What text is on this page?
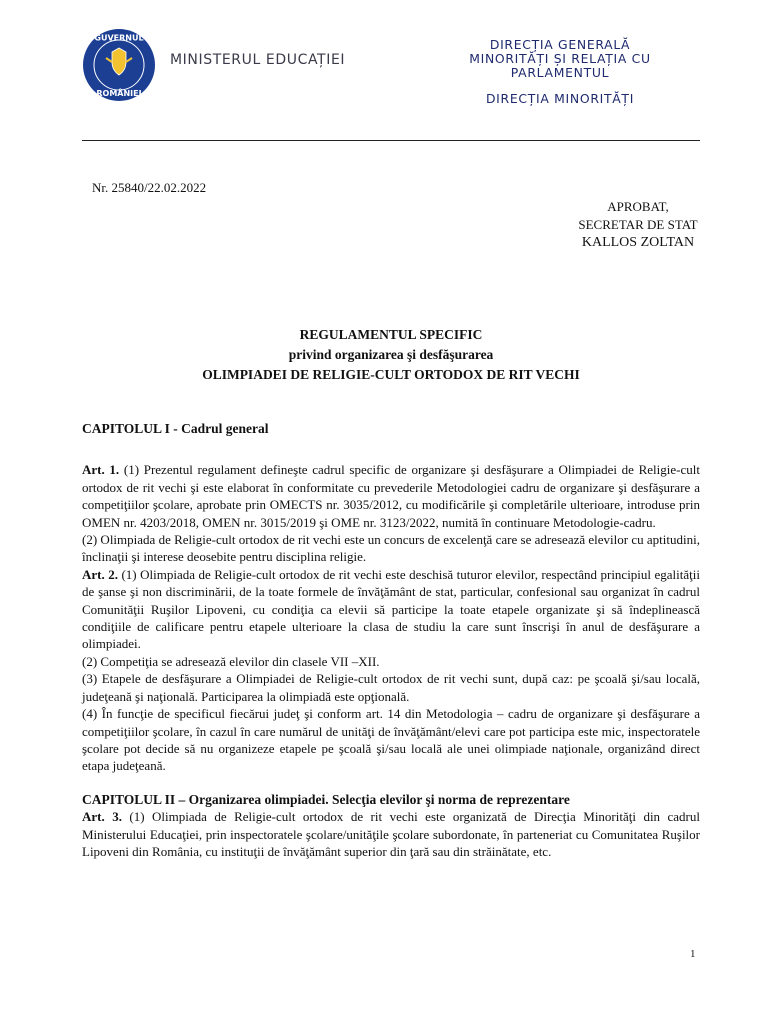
GUVERNUL
ROMÂNIEI
MINISTERUL EDUCAȚIEI
DIRECȚIA GENERALĂ
MINORITĂȚI ȘI RELAȚIA CU
PARLAMENTUL
DIRECȚIA MINORITĂȚI
Nr. 25840/22.02.2022
APROBAT,
SECRETAR DE STAT
KALLOS ZOLTAN
REGULAMENTUL SPECIFIC
privind organizarea şi desfăşurarea
OLIMPIADEI DE RELIGIE-CULT ORTODOX DE RIT VECHI

CAPITOLUL I - Cadrul general

Art. 1. (1) Prezentul regulament defineşte cadrul specific de organizare şi desfăşurare a Olimpiadei de Religie-cult ortodox de rit vechi şi este elaborat în conformitate cu prevederile Metodologiei cadru de organizare şi desfăşurare a competiţiilor şcolare, aprobate prin OMECTS nr. 3035/2012, cu modificările şi completările ulterioare, introduse prin OMEN nr. 4203/2018, OMEN nr. 3015/2019 şi OME nr. 3123/2022, numită în continuare Metodologie-cadru.

(2) Olimpiada de Religie-cult ortodox de rit vechi este un concurs de excelenţă care se adresează elevilor cu aptitudini, înclinaţii şi interese deosebite pentru disciplina religie.

Art. 2. (1) Olimpiada de Religie-cult ortodox de rit vechi este deschisă tuturor elevilor, respectând principiul egalităţii de şanse şi non discriminării, de la toate formele de învăţământ de stat, particular, confesional sau organizat în cadrul Comunităţii Ruşilor Lipoveni, cu condiţia ca elevii să participe la toate etapele organizate şi să îndeplinească condiţiile de calificare pentru etapele ulterioare la clasa de studiu la care sunt înscrişi în anul de desfăşurare a olimpiadei.

(2) Competiţia se adresează elevilor din clasele VII –XII.

(3) Etapele de desfăşurare a Olimpiadei de Religie-cult ortodox de rit vechi sunt, după caz: pe şcoală şi/sau locală, judeţeană şi naţională. Participarea la olimpiadă este opţională.

(4) În funcţie de specificul fiecărui judeţ şi conform art. 14 din Metodologia – cadru de organizare şi desfăşurare a competiţiilor şcolare, în cazul în care numărul de unităţi de învăţământ/elevi care pot participa este mic, inspectoratele şcolare pot decide să nu organizeze etapele pe şcoală şi/sau locală ale unei olimpiade naţionale, organizând direct etapa judeţeană.

CAPITOLUL II – Organizarea olimpiadei. Selecţia elevilor şi norma de reprezentare

Art. 3. (1) Olimpiada de Religie-cult ortodox de rit vechi este organizată de Direcţia Minorităţi din cadrul Ministerului Educaţiei, prin inspectoratele şcolare/unităţile şcolare subordonate, în parteneriat cu Comunitatea Ruşilor Lipoveni din România, cu instituţii de învăţământ superior din ţară sau din străinătate, etc.

1
